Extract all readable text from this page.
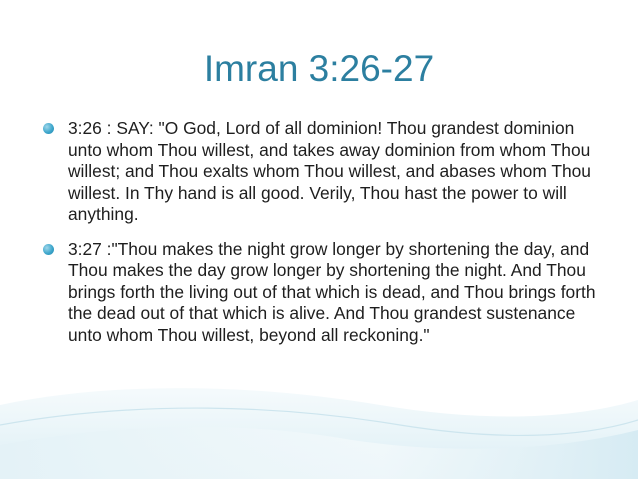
Imran 3:26-27
3:26 : SAY: "O God, Lord of all dominion! Thou grandest dominion unto whom Thou willest, and takes away dominion from whom Thou willest; and Thou exalts whom Thou willest, and abases whom Thou willest. In Thy hand is all good. Verily, Thou hast the power to will anything.
3:27 :"Thou makes the night grow longer by shortening the day, and Thou makes the day grow longer by shortening the night. And Thou brings forth the living out of that which is dead, and Thou brings forth the dead out of that which is alive. And Thou grandest sustenance unto whom Thou willest, beyond all reckoning."
